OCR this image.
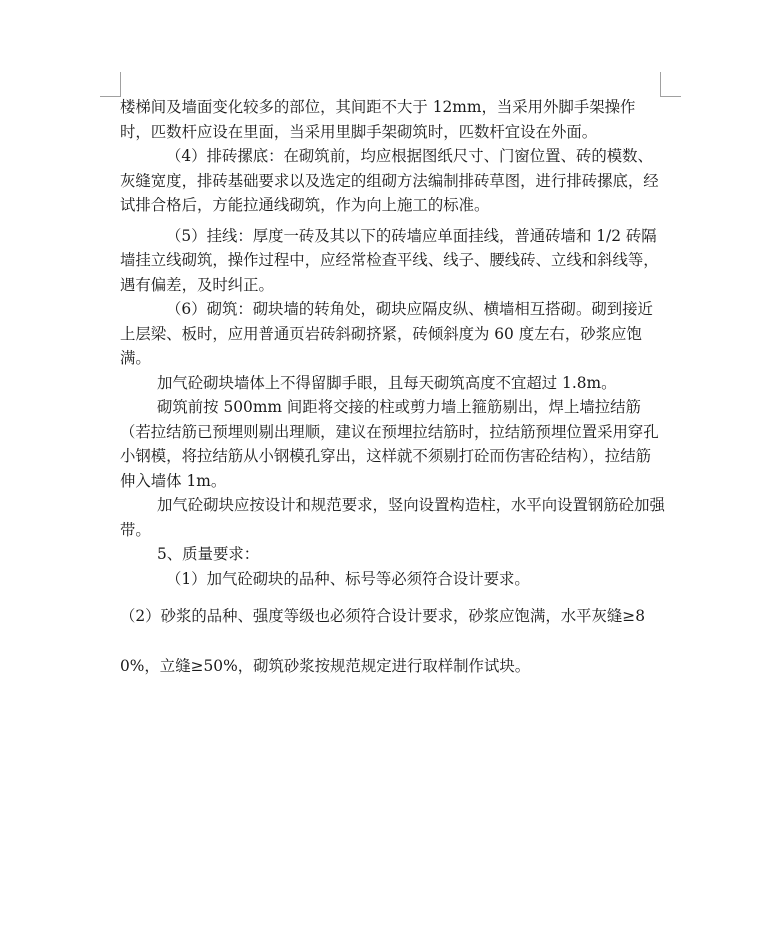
楼梯间及墙面变化较多的部位，其间距不大于 12mm，当采用外脚手架操作时，匹数杆应设在里面，当采用里脚手架砌筑时，匹数杆宜设在外面。

（4）排砖摞底：在砌筑前，均应根据图纸尺寸、门窗位置、砖的模数、灰缝宽度，排砖基础要求以及选定的组砌方法编制排砖草图，进行排砖摞底，经试排合格后，方能拉通线砌筑，作为向上施工的标准。

（5）挂线：厚度一砖及其以下的砖墙应单面挂线，普通砖墙和 1/2 砖隔墙挂立线砌筑，操作过程中，应经常检查平线、线子、腰线砖、立线和斜线等，遇有偏差，及时纠正。

（6）砌筑：砌块墙的转角处，砌块应隔皮纵、横墙相互搭砌。砌到接近上层梁、板时，应用普通页岩砖斜砌挤紧，砖倾斜度为 60 度左右，砂浆应饱满。

加气砼砌块墙体上不得留脚手眼，且每天砌筑高度不宜超过 1.8m。

砌筑前按 500mm 间距将交接的柱或剪力墙上箍筋剔出，焊上墙拉结筋（若拉结筋已预埋则剔出理顺，建议在预埋拉结筋时，拉结筋预埋位置采用穿孔小钢模，将拉结筋从小钢模孔穿出，这样就不须剔打砼而伤害砼结构），拉结筋伸入墙体 1m。

加气砼砌块应按设计和规范要求，竖向设置构造柱，水平向设置钢筋砼加强带。

5、质量要求：

（1）加气砼砌块的品种、标号等必须符合设计要求。

（2）砂浆的品种、强度等级也必须符合设计要求，砂浆应饱满，水平灰缝≥80%，立缝≥50%，砌筑砂浆按规范规定进行取样制作试块。
